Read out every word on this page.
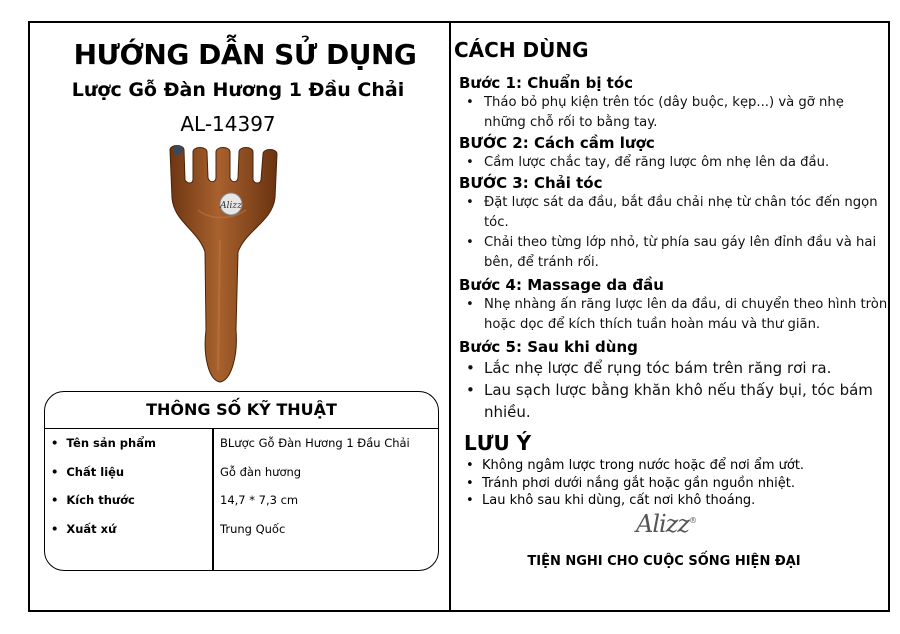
HƯỚNG DẪN SỬ DỤNG
Lược Gỗ Đàn Hương 1 Đầu Chải
AL-14397
Alizz
THÔNG SỐ KỸ THUẬT
• Tên sản phẩm	BLược Gỗ Đàn Hương 1 Đầu Chải
• Chất liệu	Gỗ đàn hương
• Kích thước	14,7 * 7,3 cm
• Xuất xứ	Trung Quốc
CÁCH DÙNG
Bước 1: Chuẩn bị tóc
• Tháo bỏ phụ kiện trên tóc (dây buộc, kẹp...) và gỡ nhẹ những chỗ rối to bằng tay.
BƯỚC 2: Cách cầm lược
• Cầm lược chắc tay, để răng lược ôm nhẹ lên da đầu.
BƯỚC 3: Chải tóc
• Đặt lược sát da đầu, bắt đầu chải nhẹ từ chân tóc đến ngọn tóc.
• Chải theo từng lớp nhỏ, từ phía sau gáy lên đỉnh đầu và hai bên, để tránh rối.
Bước 4: Massage da đầu
• Nhẹ nhàng ấn răng lược lên da đầu, di chuyển theo hình tròn hoặc dọc để kích thích tuần hoàn máu và thư giãn.
Bước 5: Sau khi dùng
• Lắc nhẹ lược để rụng tóc bám trên răng rơi ra.
• Lau sạch lược bằng khăn khô nếu thấy bụi, tóc bám nhiều.
LƯU Ý
• Không ngâm lược trong nước hoặc để nơi ẩm ướt.
• Tránh phơi dưới nắng gắt hoặc gần nguồn nhiệt.
• Lau khô sau khi dùng, cất nơi khô thoáng.
Alizz®
TIỆN NGHI CHO CUỘC SỐNG HIỆN ĐẠI
